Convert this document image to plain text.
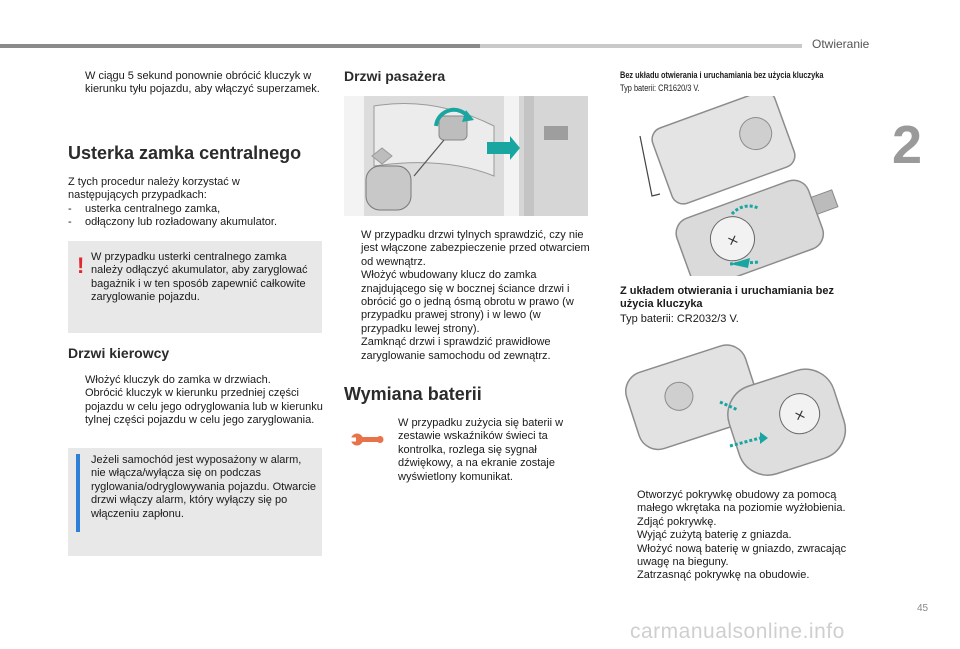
Otwieranie
2
W ciągu 5 sekund ponownie obrócić kluczyk w kierunku tyłu pojazdu, aby włączyć superzamek.
Usterka zamka centralnego
Z tych procedur należy korzystać w następujących przypadkach:
- usterka centralnego zamka,
- odłączony lub rozładowany akumulator.
! W przypadku usterki centralnego zamka należy odłączyć akumulator, aby zaryglować bagażnik i w ten sposób zapewnić całkowite zaryglowanie pojazdu.
Drzwi kierowcy
Włożyć kluczyk do zamka w drzwiach.
Obrócić kluczyk w kierunku przedniej części pojazdu w celu jego odryglowania lub w kierunku tylnej części pojazdu w celu jego zaryglowania.
Jeżeli samochód jest wyposażony w alarm, nie włącza/wyłącza się on podczas ryglowania/odryglowywania pojazdu. Otwarcie drzwi włączy alarm, który wyłączy się po włączeniu zapłonu.
Drzwi pasażera
W przypadku drzwi tylnych sprawdzić, czy nie jest włączone zabezpieczenie przed otwarciem od wewnątrz.
Włożyć wbudowany klucz do zamka znajdującego się w bocznej ściance drzwi i obrócić go o jedną ósmą obrotu w prawo (w przypadku prawej strony) i w lewo (w przypadku lewej strony).
Zamknąć drzwi i sprawdzić prawidłowe zaryglowanie samochodu od zewnątrz.
Wymiana baterii
W przypadku zużycia się baterii w zestawie wskaźników świeci ta kontrolka, rozlega się sygnał dźwiękowy, a na ekranie zostaje wyświetlony komunikat.
Bez układu otwierania i uruchamiania bez użycia kluczyka
Typ baterii: CR1620/3 V.
×
Z układem otwierania i uruchamiania bez użycia kluczyka
Typ baterii: CR2032/3 V.
×
Otworzyć pokrywkę obudowy za pomocą małego wkrętaka na poziomie wyżłobienia.
Zdjąć pokrywkę.
Wyjąć zużytą baterię z gniazda.
Włożyć nową baterię w gniazdo, zwracając uwagę na bieguny.
Zatrzasnąć pokrywkę na obudowie.
45
carmanualsonline.info
